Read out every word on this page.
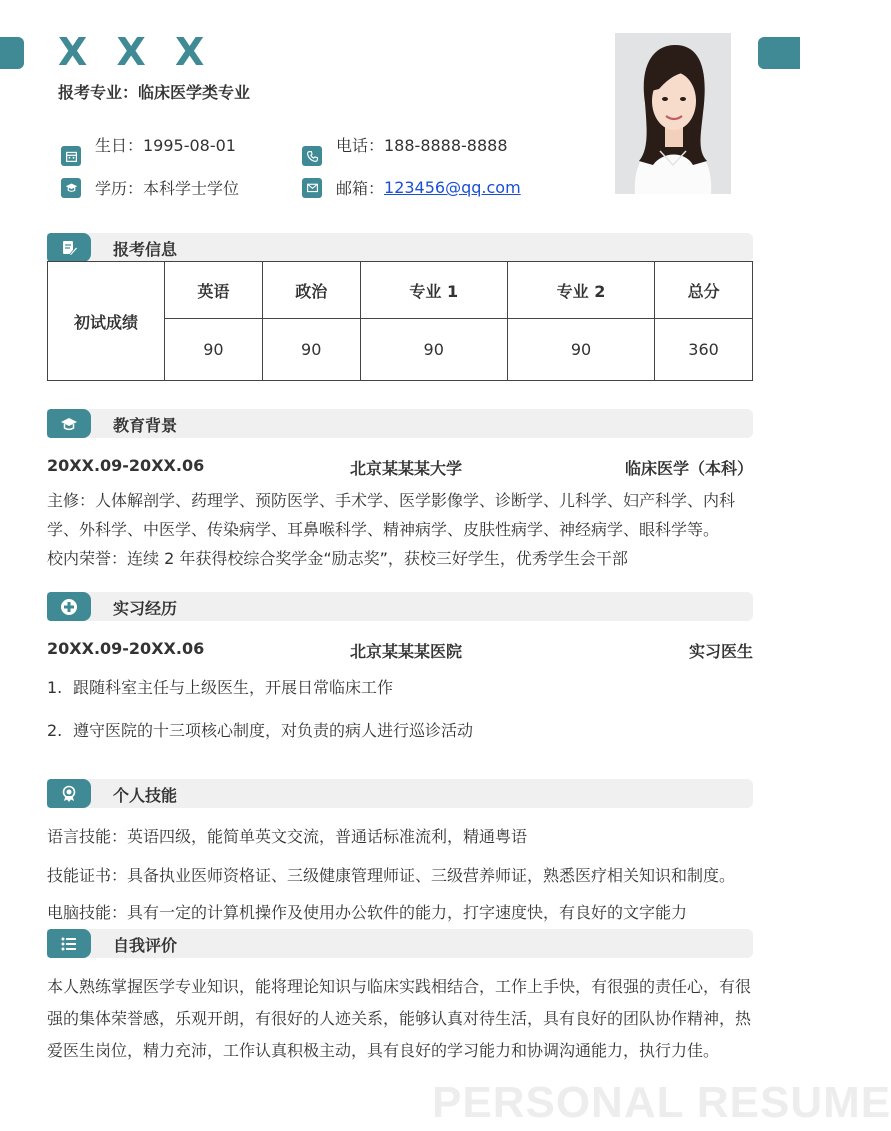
X X X
报考专业：临床医学类专业
生日：1995-08-01	电话：188-8888-8888
学历：本科学士学位	邮箱： 123456@qq.com
报考信息
初试成绩	英语	政治	专业 1	专业 2	总分
	90	90	90	90	360
教育背景
20XX.09-20XX.06	北京某某某大学	临床医学（本科）
主修：人体解剖学、药理学、预防医学、手术学、医学影像学、诊断学、儿科学、妇产科学、内科学、外科学、中医学、传染病学、耳鼻喉科学、精神病学、皮肤性病学、神经病学、眼科学等。
校内荣誉：连续 2 年获得校综合奖学金“励志奖”，获校三好学生，优秀学生会干部
实习经历
20XX.09-20XX.06	北京某某某医院	实习医生
1. 跟随科室主任与上级医生，开展日常临床工作
2. 遵守医院的十三项核心制度，对负责的病人进行巡诊活动
个人技能
语言技能：英语四级，能简单英文交流，普通话标准流利，精通粤语
技能证书：具备执业医师资格证、三级健康管理师证、三级营养师证，熟悉医疗相关知识和制度。
电脑技能：具有一定的计算机操作及使用办公软件的能力，打字速度快，有良好的文字能力
自我评价
本人熟练掌握医学专业知识，能将理论知识与临床实践相结合，工作上手快，有很强的责任心，有很强的集体荣誉感，乐观开朗，有很好的人迹关系，能够认真对待生活，具有良好的团队协作精神，热爱医生岗位，精力充沛，工作认真积极主动，具有良好的学习能力和协调沟通能力，执行力佳。
PERSONAL RESUME
